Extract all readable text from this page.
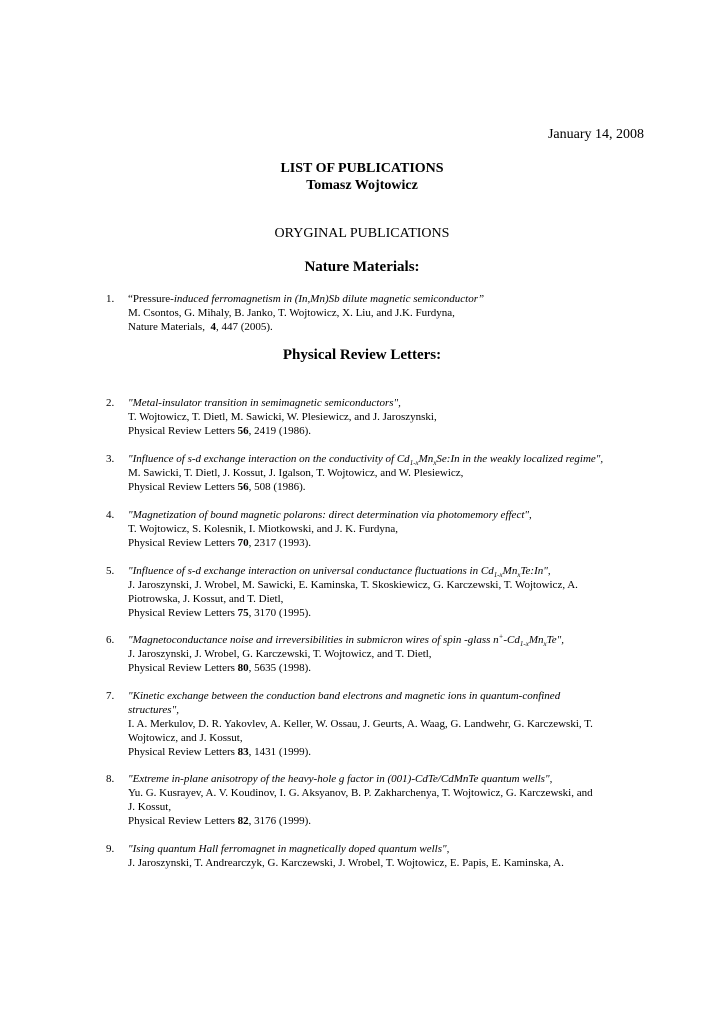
January 14, 2008
LIST OF PUBLICATIONS
Tomasz Wojtowicz
ORYGINAL PUBLICATIONS
Nature Materials:
1. “Pressure-induced ferromagnetism in (In,Mn)Sb dilute magnetic semiconductor”
M. Csontos, G. Mihaly, B. Janko, T. Wojtowicz, X. Liu, and J.K. Furdyna,
Nature Materials, 4, 447 (2005).
Physical Review Letters:
2. "Metal-insulator transition in semimagnetic semiconductors",
T. Wojtowicz, T. Dietl, M. Sawicki, W. Plesiewicz, and J. Jaroszynski,
Physical Review Letters 56, 2419 (1986).
3. "Influence of s-d exchange interaction on the conductivity of $Cd_{1-x}Mn_xSe:In$ in the weakly localized regime",
M. Sawicki, T. Dietl, J. Kossut, J. Igalson, T. Wojtowicz, and W. Plesiewicz,
Physical Review Letters 56, 508 (1986).
4. "Magnetization of bound magnetic polarons: direct determination via photomemory effect",
T. Wojtowicz, S. Kolesnik, I. Miotkowski, and J. K. Furdyna,
Physical Review Letters 70, 2317 (1993).
5. "Influence of s-d exchange interaction on universal conductance fluctuations in $Cd_{1-x}Mn_xTe:In$",
J. Jaroszynski, J. Wrobel, M. Sawicki, E. Kaminska, T. Skoskiewicz, G. Karczewski, T. Wojtowicz, A.
Piotrowska, J. Kossut, and T. Dietl,
Physical Review Letters 75, 3170 (1995).
6. "Magnetoconductance noise and irreversibilities in submicron wires of spin -glass $n^+-Cd_{1-x}Mn_xTe$",
J. Jaroszynski, J. Wrobel, G. Karczewski, T. Wojtowicz, and T. Dietl,
Physical Review Letters 80, 5635 (1998).
7. "Kinetic exchange between the conduction band electrons and magnetic ions in quantum-confined
structures",
I. A. Merkulov, D. R. Yakovlev, A. Keller, W. Ossau, J. Geurts, A. Waag, G. Landwehr, G. Karczewski, T.
Wojtowicz, and J. Kossut,
Physical Review Letters 83, 1431 (1999).
8. "Extreme in-plane anisotropy of the heavy-hole g factor in (001)-CdTe/CdMnTe quantum wells",
Yu. G. Kusrayev, A. V. Koudinov, I. G. Aksyanov, B. P. Zakharchenya, T. Wojtowicz, G. Karczewski, and
J. Kossut,
Physical Review Letters 82, 3176 (1999).
9. "Ising quantum Hall ferromagnet in magnetically doped quantum wells",
J. Jaroszynski, T. Andrearczyk, G. Karczewski, J. Wrobel, T. Wojtowicz, E. Papis, E. Kaminska, A.
